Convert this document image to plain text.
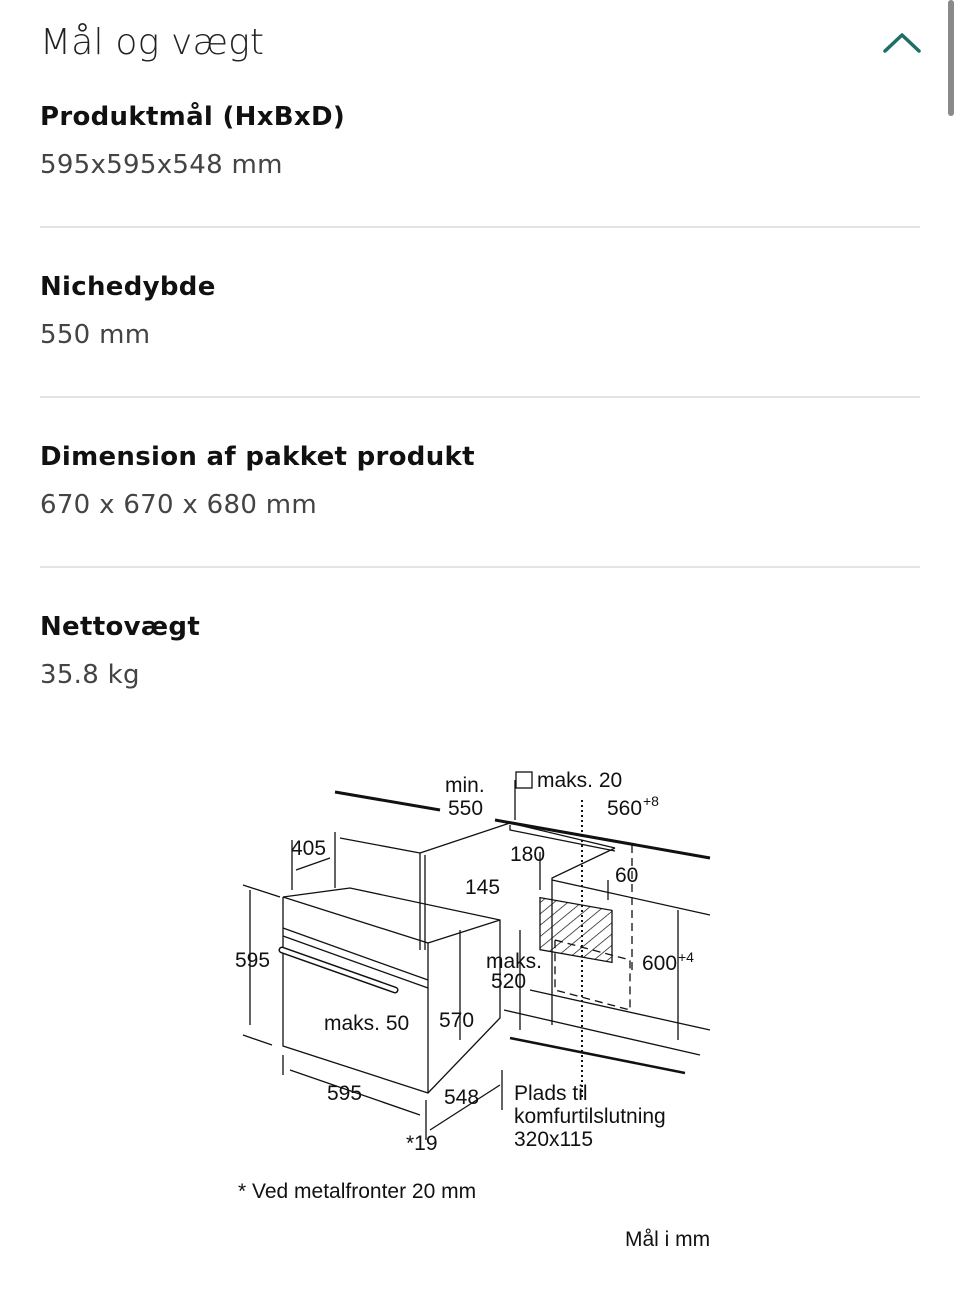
Mål og vægt
Produktmål (HxBxD)
595x595x548 mm
Nichedybde
550 mm
Dimension af pakket produkt
670 x 670 x 680 mm
Nettovægt
35.8 kg
min.
550
maks. 20
560 +8
405	180
145
60
595	maks.
520
600 +4
maks. 50 570
595	548
*19
Plads til
komfurtilslutning
320x115
* Ved metalfronter 20 mm
Mål i mm
